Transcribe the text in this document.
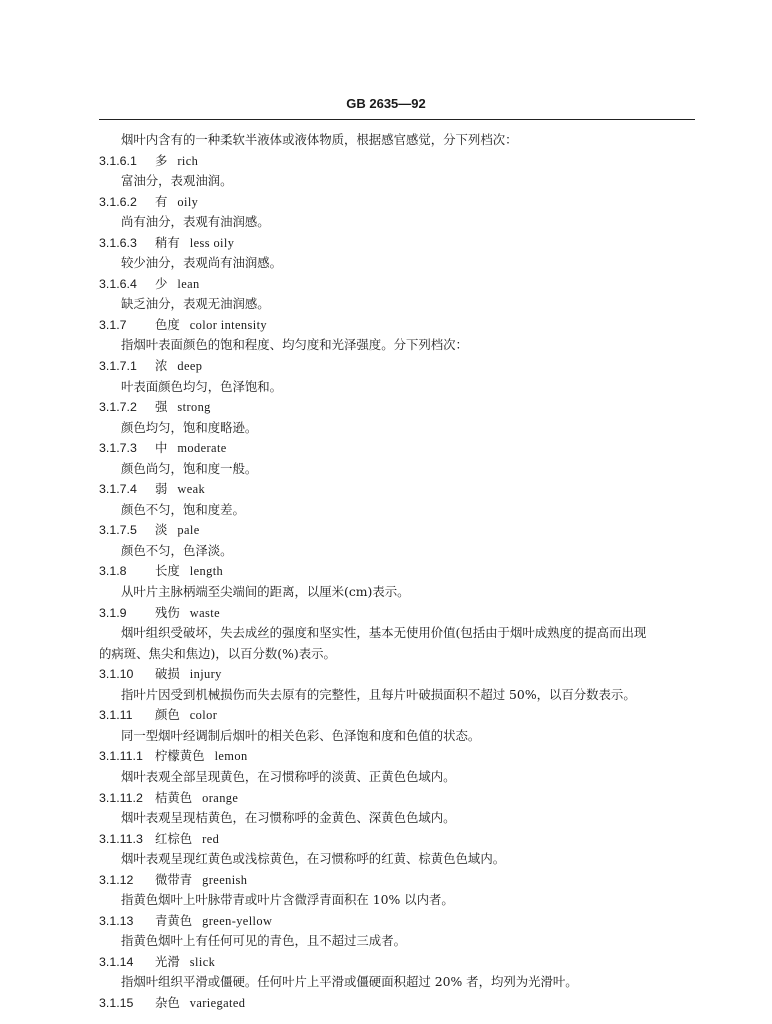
GB 2635—92
烟叶内含有的一种柔软半液体或液体物质，根据感官感觉，分下列档次：
3.1.6.1 多 rich
富油分，表观油润。
3.1.6.2 有 oily
尚有油分，表观有油润感。
3.1.6.3 稍有 less oily
较少油分，表观尚有油润感。
3.1.6.4 少 lean
缺乏油分，表观无油润感。
3.1.7 色度 color intensity
指烟叶表面颜色的饱和程度、均匀度和光泽强度。分下列档次：
3.1.7.1 浓 deep
叶表面颜色均匀，色泽饱和。
3.1.7.2 强 strong
颜色均匀，饱和度略逊。
3.1.7.3 中 moderate
颜色尚匀，饱和度一般。
3.1.7.4 弱 weak
颜色不匀，饱和度差。
3.1.7.5 淡 pale
颜色不匀，色泽淡。
3.1.8 长度 length
从叶片主脉柄端至尖端间的距离，以厘米(cm)表示。
3.1.9 残伤 waste
烟叶组织受破坏，失去成丝的强度和坚实性，基本无使用价值(包括由于烟叶成熟度的提高而出现
的病斑、焦尖和焦边)，以百分数(%)表示。
3.1.10 破损 injury
指叶片因受到机械损伤而失去原有的完整性，且每片叶破损面积不超过 50%，以百分数表示。
3.1.11 颜色 color
同一型烟叶经调制后烟叶的相关色彩、色泽饱和度和色值的状态。
3.1.11.1 柠檬黄色 lemon
烟叶表观全部呈现黄色，在习惯称呼的淡黄、正黄色色域内。
3.1.11.2 桔黄色 orange
烟叶表观呈现桔黄色，在习惯称呼的金黄色、深黄色色域内。
3.1.11.3 红棕色 red
烟叶表观呈现红黄色或浅棕黄色，在习惯称呼的红黄、棕黄色色域内。
3.1.12 微带青 greenish
指黄色烟叶上叶脉带青或叶片含微浮青面积在 10% 以内者。
3.1.13 青黄色 green-yellow
指黄色烟叶上有任何可见的青色，且不超过三成者。
3.1.14 光滑 slick
指烟叶组织平滑或僵硬。任何叶片上平滑或僵硬面积超过 20% 者，均列为光滑叶。
3.1.15 杂色 variegated
